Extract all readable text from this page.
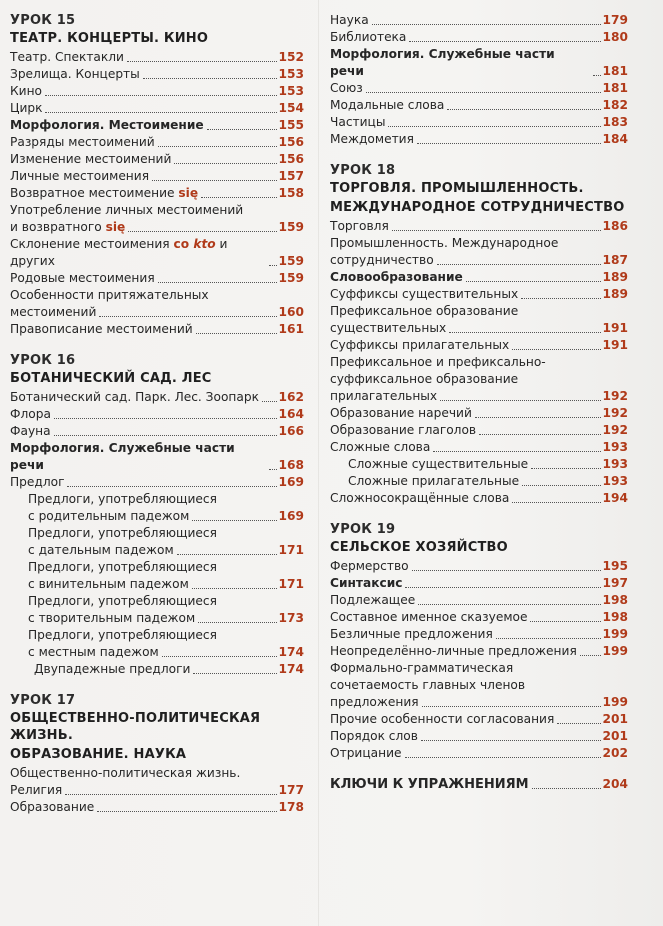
УРОК 15
ТЕАТР. КОНЦЕРТЫ. КИНО
Театр. Спектакли	152
Зрелища. Концерты	153
Кино	153
Цирк	154
Морфология. Местоимение	155
Разряды местоимений	156
Изменение местоимений	156
Личные местоимения	157
Возвратное местоимение się	158
Употребление личных местоимений
и возвратного się	159
Склонение местоимения co kto и других	159
Родовые местоимения	159
Особенности притяжательных
местоимений	160
Правописание местоимений	161
УРОК 16
БОТАНИЧЕСКИЙ САД. ЛЕС
Ботанический сад. Парк. Лес. Зоопарк 162
Флора	164
Фауна	166
Морфология. Служебные части речи	168
Предлог	169
Предлоги, употребляющиеся
с родительным падежом	169
Предлоги, употребляющиеся
с дательным падежом	171
Предлоги, употребляющиеся
с винительным падежом	171
Предлоги, употребляющиеся
с творительным падежом	173
Предлоги, употребляющиеся
с местным падежом	174
Двупадежные предлоги	174
УРОК 17
ОБЩЕСТВЕННО-ПОЛИТИЧЕСКАЯ ЖИЗНЬ.
ОБРАЗОВАНИЕ. НАУКА
Общественно-политическая жизнь.
Религия	177
Образование	178
Наука	179
Библиотека	180
Морфология. Служебные части речи	181
Союз	181
Модальные слова	182
Частицы	183
Междометия	184
УРОК 18
ТОРГОВЛЯ. ПРОМЫШЛЕННОСТЬ.
МЕЖДУНАРОДНОЕ СОТРУДНИЧЕСТВО
Торговля	186
Промышленность. Международное
сотрудничество	187
Словообразование	189
Суффиксы существительных	189
Префиксальное образование
существительных	191
Суффиксы прилагательных	191
Префиксальное и префиксально-
суффиксальное образование
прилагательных	192
Образование наречий	192
Образование глаголов	192
Сложные слова	193
Сложные существительные	193
Сложные прилагательные	193
Сложносокращённые слова	194
УРОК 19
СЕЛЬСКОЕ ХОЗЯЙСТВО
Фермерство	195
Синтаксис	197
Подлежащее	198
Составное именное сказуемое	198
Безличные предложения	199
Неопределённо-личные предложения 199
Формально-грамматическая
сочетаемость главных членов
предложения	199
Прочие особенности согласования	201
Порядок слов	201
Отрицание	202
КЛЮЧИ К УПРАЖНЕНИЯМ	204
